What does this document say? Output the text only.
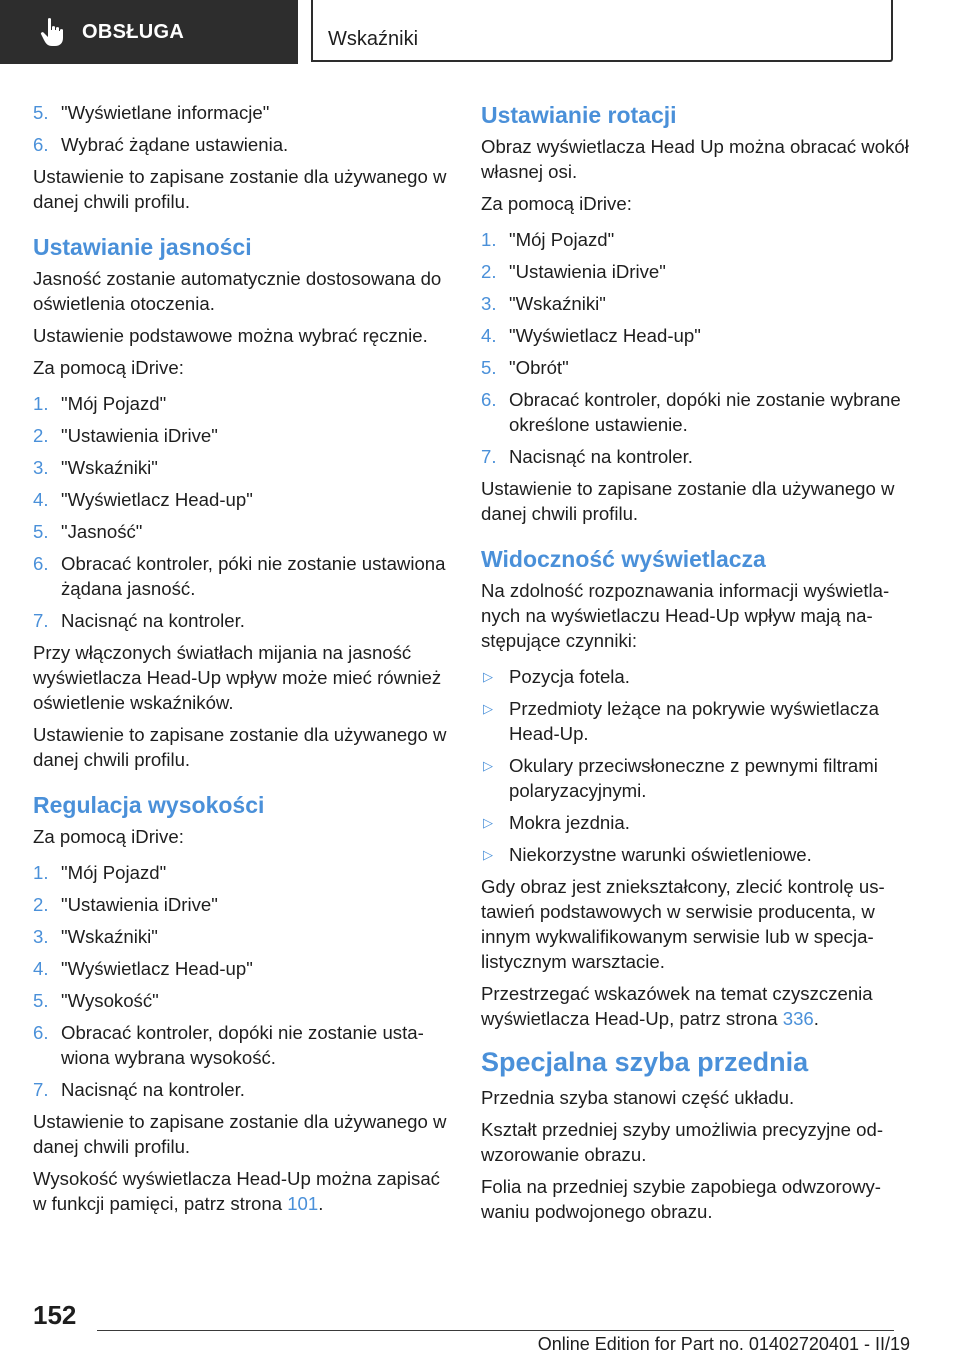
OBSŁUGA	Wskaźniki
5. "Wyświetlane informacje"
6. Wybrać żądane ustawienia.

Ustawienie to zapisane zostanie dla używanego w danej chwili profilu.

Ustawianie jasności

Jasność zostanie automatycznie dostosowana do oświetlenia otoczenia.

Ustawienie podstawowe można wybrać ręcznie.

Za pomocą iDrive:

1. "Mój Pojazd"
2. "Ustawienia iDrive"
3. "Wskaźniki"
4. "Wyświetlacz Head-up"
5. "Jasność"
6. Obracać kontroler, póki nie zostanie ustawiona żądana jasność.
7. Nacisnąć na kontroler.

Przy włączonych światłach mijania na jasność wyświetlacza Head-Up wpływ może mieć również oświetlenie wskaźników.

Ustawienie to zapisane zostanie dla używanego w danej chwili profilu.

Regulacja wysokości

Za pomocą iDrive:

1. "Mój Pojazd"
2. "Ustawienia iDrive"
3. "Wskaźniki"
4. "Wyświetlacz Head-up"
5. "Wysokość"
6. Obracać kontroler, dopóki nie zostanie ustawiona wybrana wysokość.
7. Nacisnąć na kontroler.

Ustawienie to zapisane zostanie dla używanego w danej chwili profilu.

Wysokość wyświetlacza Head-Up można zapisać w funkcji pamięci, patrz strona 101.

Ustawianie rotacji

Obraz wyświetlacza Head Up można obracać wokół własnej osi.

Za pomocą iDrive:

1. "Mój Pojazd"
2. "Ustawienia iDrive"
3. "Wskaźniki"
4. "Wyświetlacz Head-up"
5. "Obrót"
6. Obracać kontroler, dopóki nie zostanie wybrane określone ustawienie.
7. Nacisnąć na kontroler.

Ustawienie to zapisane zostanie dla używanego w danej chwili profilu.

Widoczność wyświetlacza

Na zdolność rozpoznawania informacji wyświetlanych na wyświetlaczu Head-Up wpływ mają następujące czynniki:

▷ Pozycja fotela.
▷ Przedmioty leżące na pokrywie wyświetlacza Head-Up.
▷ Okulary przeciwsłoneczne z pewnymi filtrami polaryzacyjnymi.
▷ Mokra jezdnia.
▷ Niekorzystne warunki oświetleniowe.

Gdy obraz jest zniekształcony, zlecić kontrolę ustawień podstawowych w serwisie producenta, w innym wykwalifikowanym serwisie lub w specjalistycznym warsztacie.

Przestrzegać wskazówek na temat czyszczenia wyświetlacza Head-Up, patrz strona 336.

Specjalna szyba przednia

Przednia szyba stanowi część układu.

Kształt przedniej szyby umożliwia precyzyjne odwzorowanie obrazu.

Folia na przedniej szybie zapobiega odwzorowywaniu podwojonego obrazu.

152
Online Edition for Part no. 01402720401 - II/19
